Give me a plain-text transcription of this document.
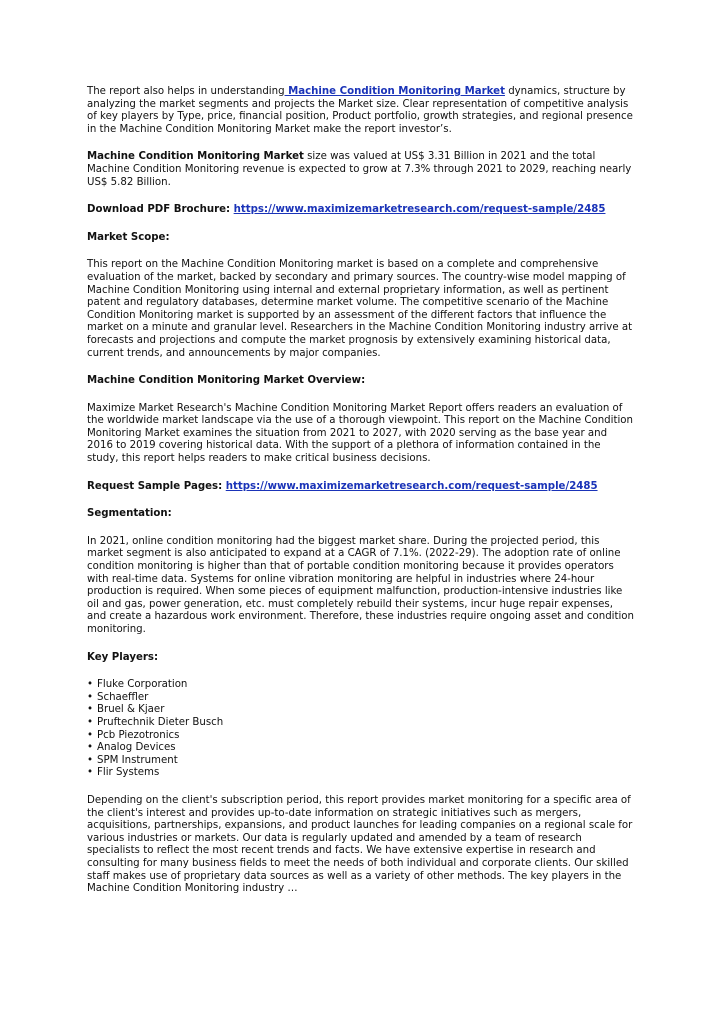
The report also helps in understanding Machine Condition Monitoring Market dynamics, structure by analyzing the market segments and projects the Market size. Clear representation of competitive analysis of key players by Type, price, financial position, Product portfolio, growth strategies, and regional presence in the Machine Condition Monitoring Market make the report investor’s.

Machine Condition Monitoring Market size was valued at US$ 3.31 Billion in 2021 and the total Machine Condition Monitoring revenue is expected to grow at 7.3% through 2021 to 2029, reaching nearly US$ 5.82 Billion.

Download PDF Brochure: https://www.maximizemarketresearch.com/request-sample/2485

Market Scope:

This report on the Machine Condition Monitoring market is based on a complete and comprehensive evaluation of the market, backed by secondary and primary sources. The country-wise model mapping of Machine Condition Monitoring using internal and external proprietary information, as well as pertinent patent and regulatory databases, determine market volume. The competitive scenario of the Machine Condition Monitoring market is supported by an assessment of the different factors that influence the market on a minute and granular level. Researchers in the Machine Condition Monitoring industry arrive at forecasts and projections and compute the market prognosis by extensively examining historical data, current trends, and announcements by major companies.

Machine Condition Monitoring Market Overview:

Maximize Market Research's Machine Condition Monitoring Market Report offers readers an evaluation of the worldwide market landscape via the use of a thorough viewpoint. This report on the Machine Condition Monitoring Market examines the situation from 2021 to 2027, with 2020 serving as the base year and 2016 to 2019 covering historical data. With the support of a plethora of information contained in the study, this report helps readers to make critical business decisions.

Request Sample Pages: https://www.maximizemarketresearch.com/request-sample/2485

Segmentation:

In 2021, online condition monitoring had the biggest market share. During the projected period, this market segment is also anticipated to expand at a CAGR of 7.1%. (2022-29). The adoption rate of online condition monitoring is higher than that of portable condition monitoring because it provides operators with real-time data. Systems for online vibration monitoring are helpful in industries where 24-hour production is required. When some pieces of equipment malfunction, production-intensive industries like oil and gas, power generation, etc. must completely rebuild their systems, incur huge repair expenses, and create a hazardous work environment. Therefore, these industries require ongoing asset and condition monitoring.

Key Players:

• Fluke Corporation
• Schaeffler
• Bruel & Kjaer
• Pruftechnik Dieter Busch
• Pcb Piezotronics
• Analog Devices
• SPM Instrument
• Flir Systems

Depending on the client's subscription period, this report provides market monitoring for a specific area of the client's interest and provides up-to-date information on strategic initiatives such as mergers, acquisitions, partnerships, expansions, and product launches for leading companies on a regional scale for various industries or markets. Our data is regularly updated and amended by a team of research specialists to reflect the most recent trends and facts. We have extensive expertise in research and consulting for many business fields to meet the needs of both individual and corporate clients. Our skilled staff makes use of proprietary data sources as well as a variety of other methods. The key players in the Machine Condition Monitoring industry …
